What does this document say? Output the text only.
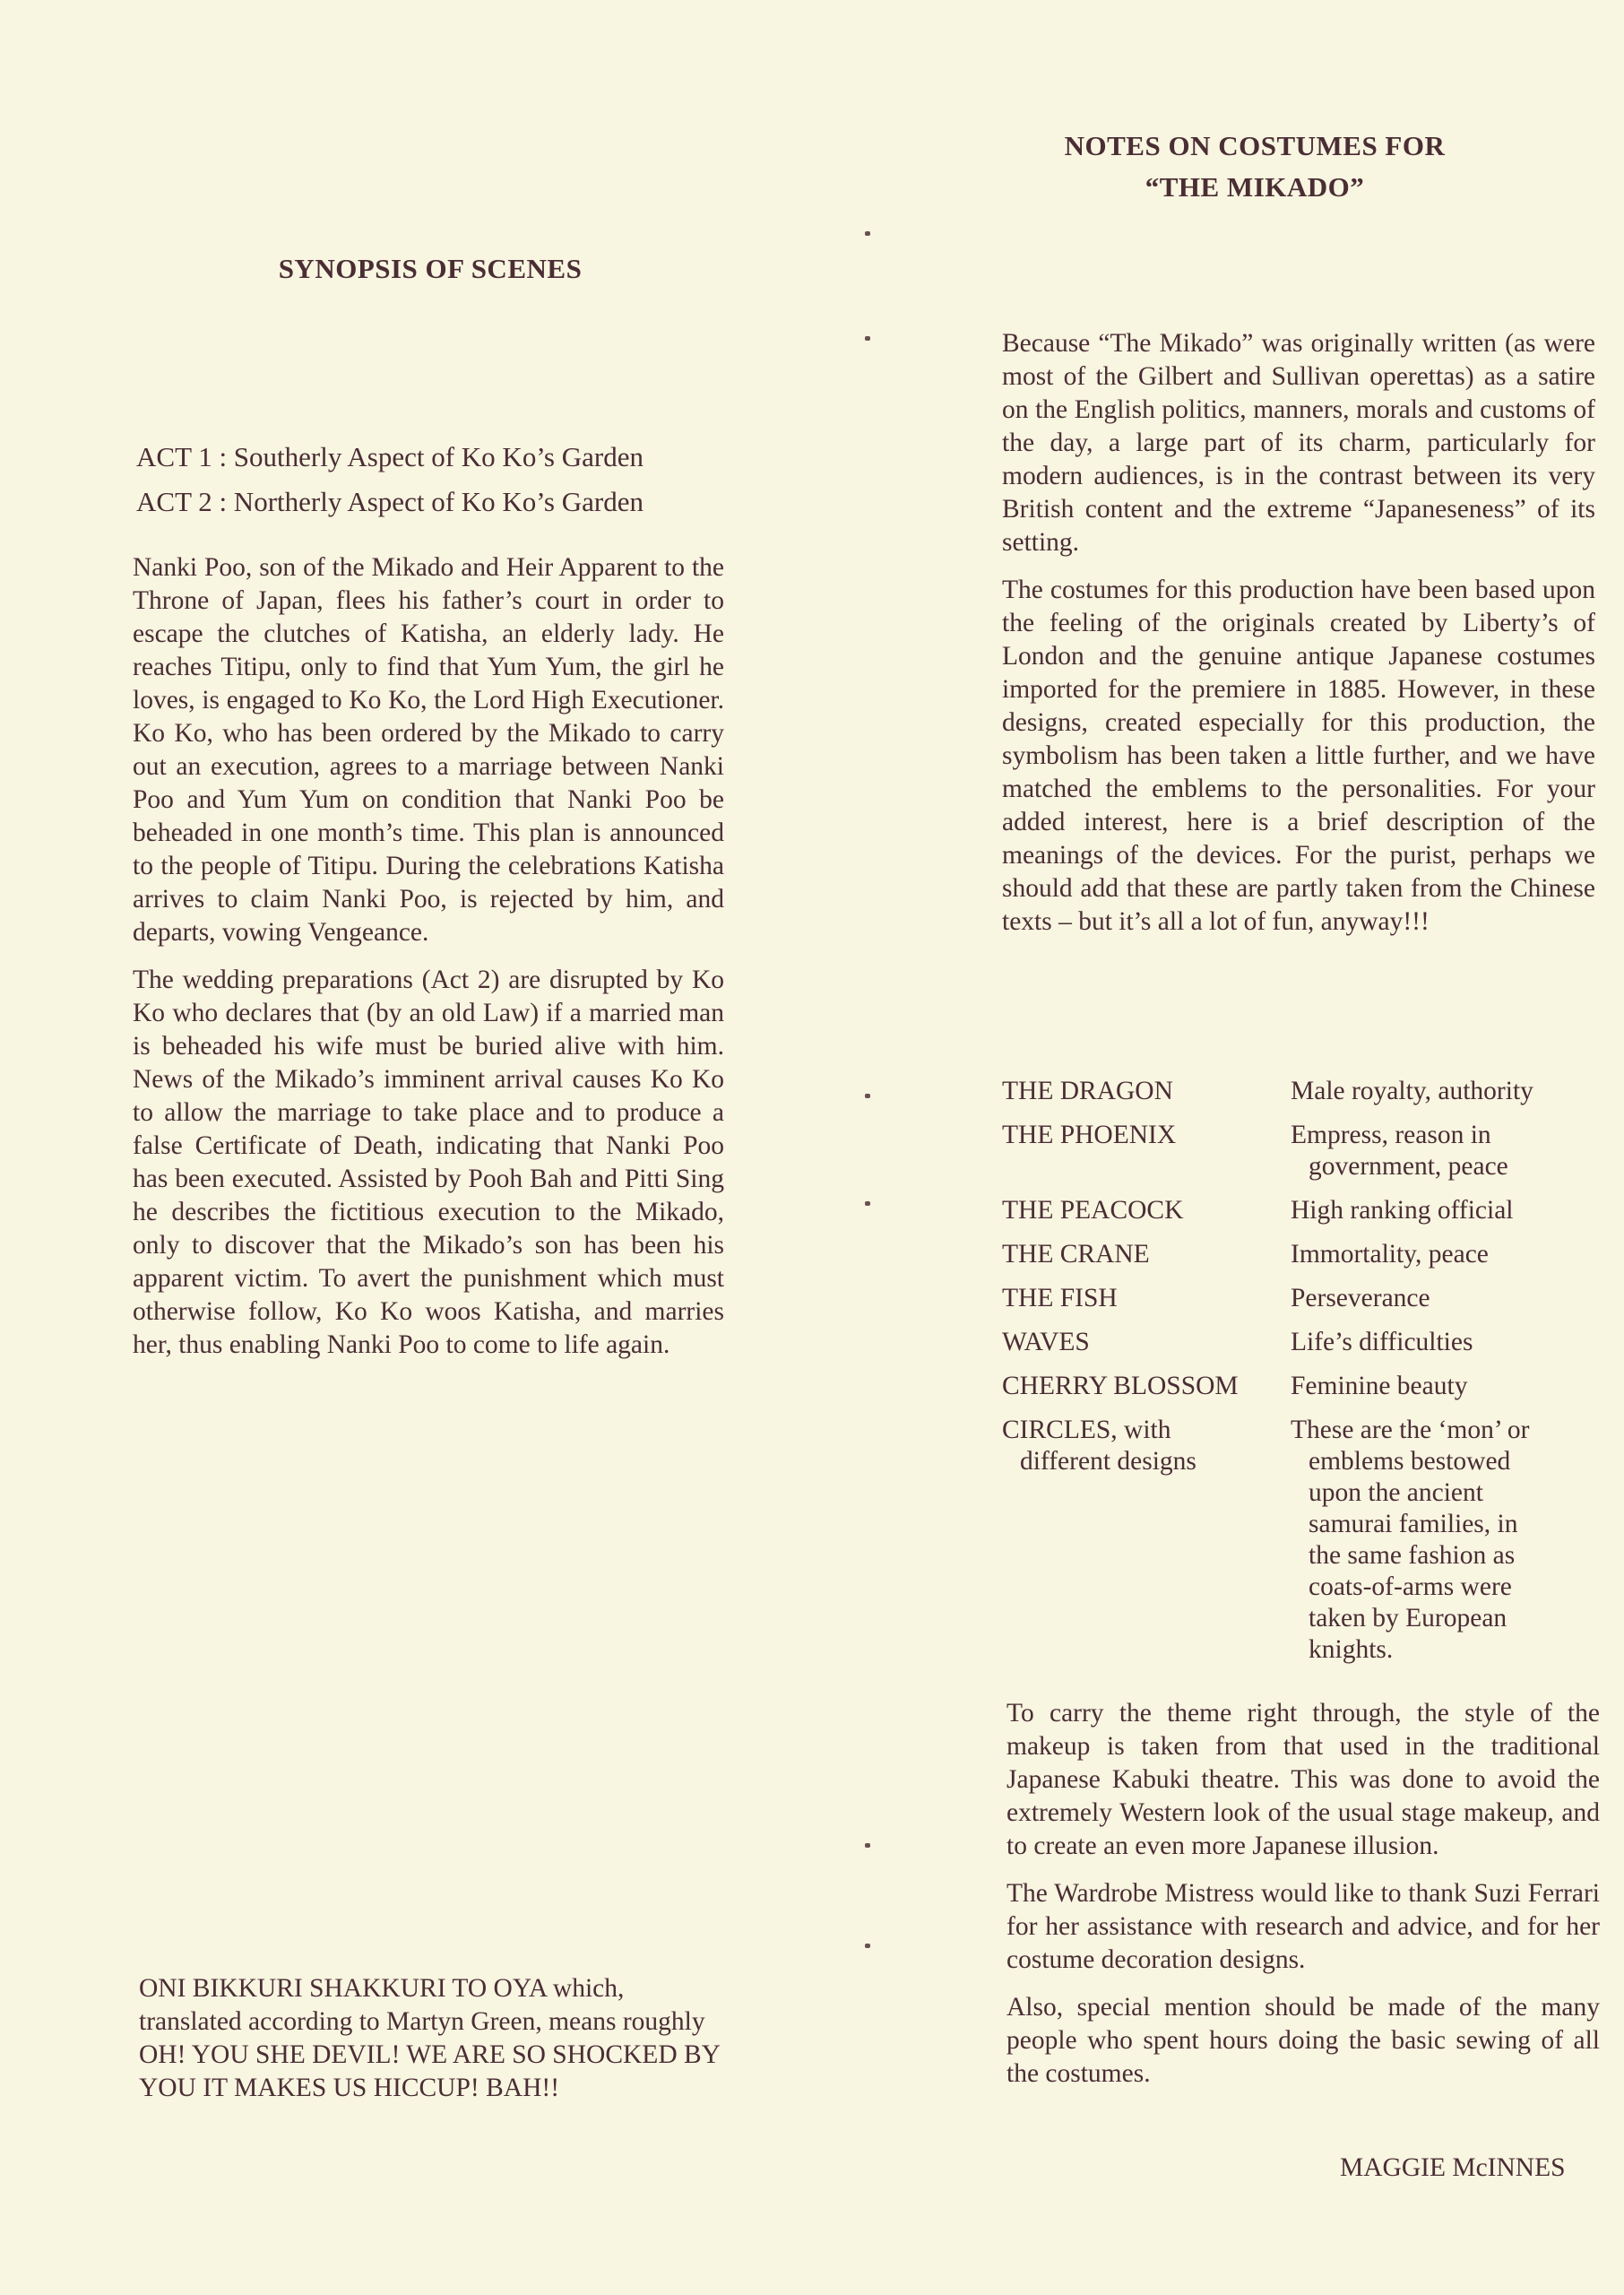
SYNOPSIS OF SCENES
ACT 1 : Southerly Aspect of Ko Ko’s Garden
ACT 2 : Northerly Aspect of Ko Ko’s Garden

Nanki Poo, son of the Mikado and Heir Apparent to the Throne of Japan, flees his father’s court in order to escape the clutches of Katisha, an elderly lady. He reaches Titipu, only to find that Yum Yum, the girl he loves, is engaged to Ko Ko, the Lord High Executioner. Ko Ko, who has been ordered by the Mikado to carry out an execution, agrees to a marriage between Nanki Poo and Yum Yum on condition that Nanki Poo be beheaded in one month’s time. This plan is announced to the people of Titipu. During the celebrations Katisha arrives to claim Nanki Poo, is rejected by him, and departs, vowing Vengeance.

The wedding preparations (Act 2) are disrupted by Ko Ko who declares that (by an old Law) if a married man is beheaded his wife must be buried alive with him. News of the Mikado’s imminent arrival causes Ko Ko to allow the marriage to take place and to produce a false Certificate of Death, indicating that Nanki Poo has been executed. Assisted by Pooh Bah and Pitti Sing he describes the fictitious execution to the Mikado, only to discover that the Mikado’s son has been his apparent victim. To avert the punishment which must otherwise follow, Ko Ko woos Katisha, and marries her, thus enabling Nanki Poo to come to life again.

ONI BIKKURI SHAKKURI TO OYA which, translated according to Martyn Green, means roughly OH! YOU SHE DEVIL! WE ARE SO SHOCKED BY YOU IT MAKES US HICCUP! BAH!!
NOTES ON COSTUMES FOR
“THE MIKADO”

Because “The Mikado” was originally written (as were most of the Gilbert and Sullivan operettas) as a satire on the English politics, manners, morals and customs of the day, a large part of its charm, particularly for modern audiences, is in the contrast between its very British content and the extreme “Japaneseness” of its setting.

The costumes for this production have been based upon the feeling of the originals created by Liberty’s of London and the genuine antique Japanese costumes imported for the premiere in 1885. However, in these designs, created especially for this production, the symbolism has been taken a little further, and we have matched the emblems to the personalities. For your added interest, here is a brief description of the meanings of the devices. For the purist, perhaps we should add that these are partly taken from the Chinese texts – but it’s all a lot of fun, anyway!!!

THE DRAGON	Male royalty, authority
THE PHOENIX	Empress, reason in
government, peace

THE PEACOCK	High ranking official
THE CRANE	Immortality, peace
THE FISH	Perseverance
WAVES	Life’s difficulties
CHERRY BLOSSOM	Feminine beauty
CIRCLES, with
different designs	These are the ‘mon’ or
emblems bestowed upon the ancient samurai families, in the same fashion as coats-of-arms were taken by European knights.

To carry the theme right through, the style of the makeup is taken from that used in the traditional Japanese Kabuki theatre. This was done to avoid the extremely Western look of the usual stage makeup, and to create an even more Japanese illusion.

The Wardrobe Mistress would like to thank Suzi Ferrari for her assistance with research and advice, and for her costume decoration designs.

Also, special mention should be made of the many people who spent hours doing the basic sewing of all the costumes.

MAGGIE McINNES
